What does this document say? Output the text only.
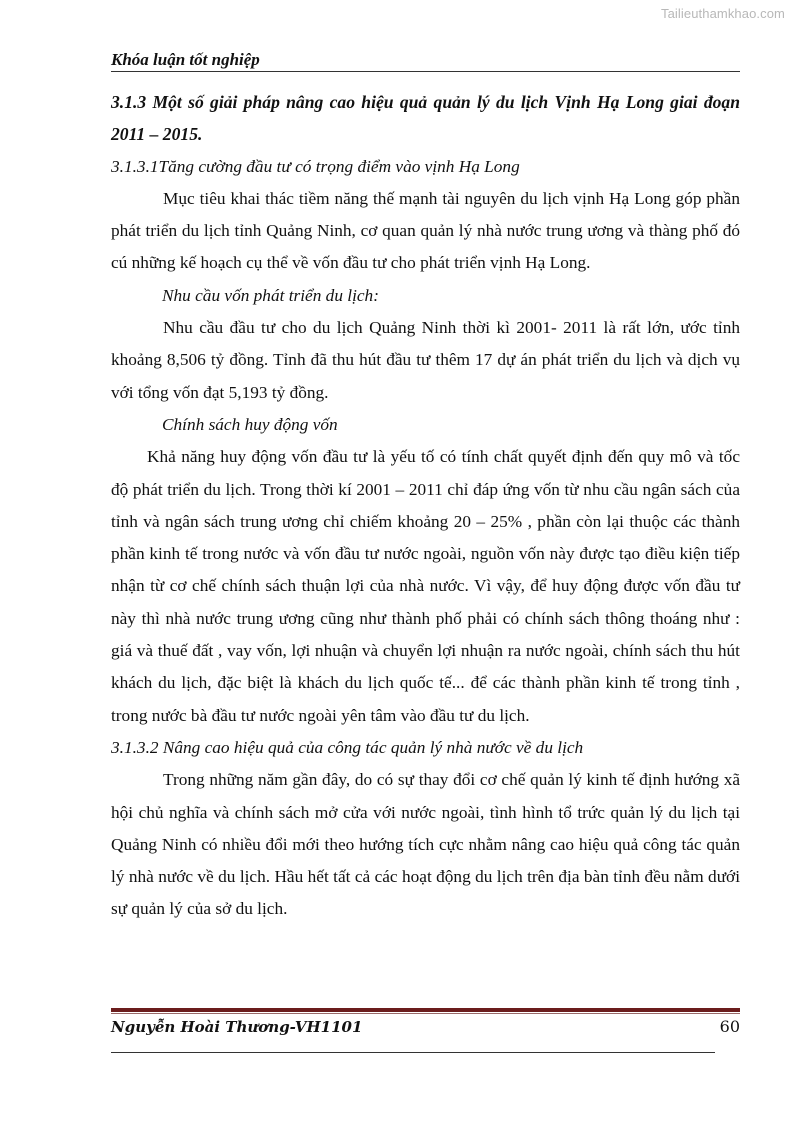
Tailieuthamkhao.com
Khóa luận tốt nghiệp
3.1.3 Một số giải pháp nâng cao hiệu quả quản lý du lịch Vịnh Hạ Long giai đoạn 2011 – 2015.
3.1.3.1Tăng cường đầu tư có trọng điểm vào vịnh Hạ Long
Mục tiêu khai thác tiềm năng thế mạnh tài nguyên du lịch vịnh Hạ Long góp phần phát triển du lịch tỉnh Quảng Ninh, cơ quan quản lý nhà nước trung ương và thàng phố đó cú những kế hoạch cụ thể về vốn đầu tư cho phát triển vịnh Hạ Long.
Nhu cầu vốn phát triển du lịch:
Nhu cầu đầu tư cho du lịch Quảng Ninh thời kì 2001- 2011 là rất lớn, ước tỉnh khoảng 8,506 tỷ đồng. Tỉnh đã thu hút đầu tư thêm 17 dự án phát triển du lịch và dịch vụ với tổng vốn đạt 5,193 tỷ đồng.
Chính sách huy động vốn
Khả năng huy động vốn đầu tư là yếu tố có tính chất quyết định đến quy mô và tốc độ phát triển du lịch. Trong thời kí 2001 – 2011 chỉ đáp ứng vốn từ nhu cầu ngân sách của tỉnh và ngân sách trung ương chỉ chiếm khoảng 20 – 25% , phần còn lại thuộc các thành phần kinh tế trong nước và vốn đầu tư nước ngoài, nguồn vốn này được tạo điều kiện tiếp nhận từ cơ chế chính sách thuận lợi của nhà nước. Vì vậy, để huy động được vốn đầu tư này thì nhà nước trung ương cũng như thành phố phải có chính sách thông thoáng như : giá và thuế đất , vay vốn, lợi nhuận và chuyển lợi nhuận ra nước ngoài, chính sách thu hút khách du lịch, đặc biệt là khách du lịch quốc tế... để các thành phần kinh tế trong tỉnh , trong nước bà đầu tư nước ngoài yên tâm vào đầu tư du lịch.
3.1.3.2 Nâng cao hiệu quả của công tác quản lý nhà nước về du lịch
Trong những năm gần đây, do có sự thay đổi cơ chế quản lý kinh tế định hướng xã hội chủ nghĩa và chính sách mở cửa với nước ngoài, tình hình tổ trức quản lý du lịch tại Quảng Ninh có nhiều đổi mới theo hướng tích cực nhằm nâng cao hiệu quả công tác quản lý nhà nước về du lịch. Hầu hết tất cả các hoạt động du lịch trên địa bàn tỉnh đều nằm dưới sự quản lý của sở du lịch.
Nguyễn Hoài Thương-VH1101	60
